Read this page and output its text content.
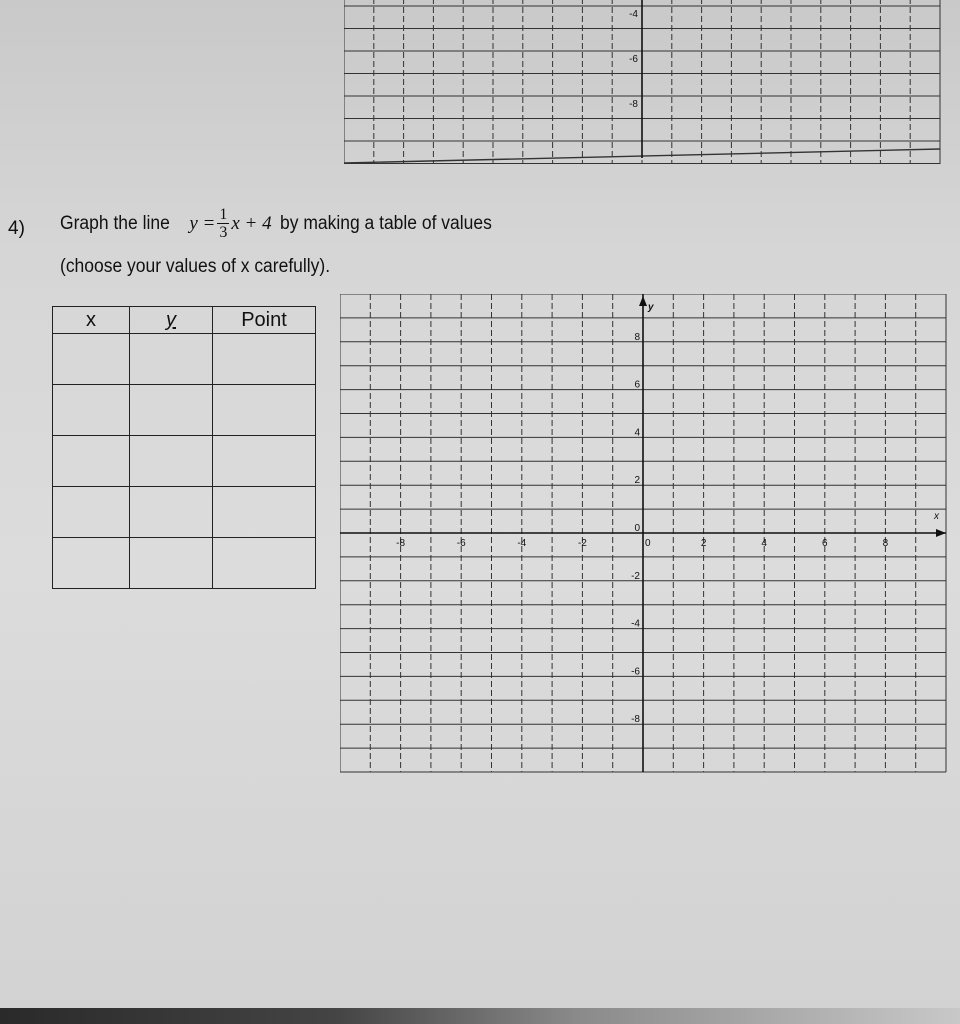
-4
-6
-8
4) Graph the line $y = \frac{1}{3}$ x + 4 by making a table of values
(choose your values of x carefully).
x	y	Point

-8	-6	-4	-2	0	2	4	6	8
8
6
4
2
0
-2
-4
-6
-8
x
y
